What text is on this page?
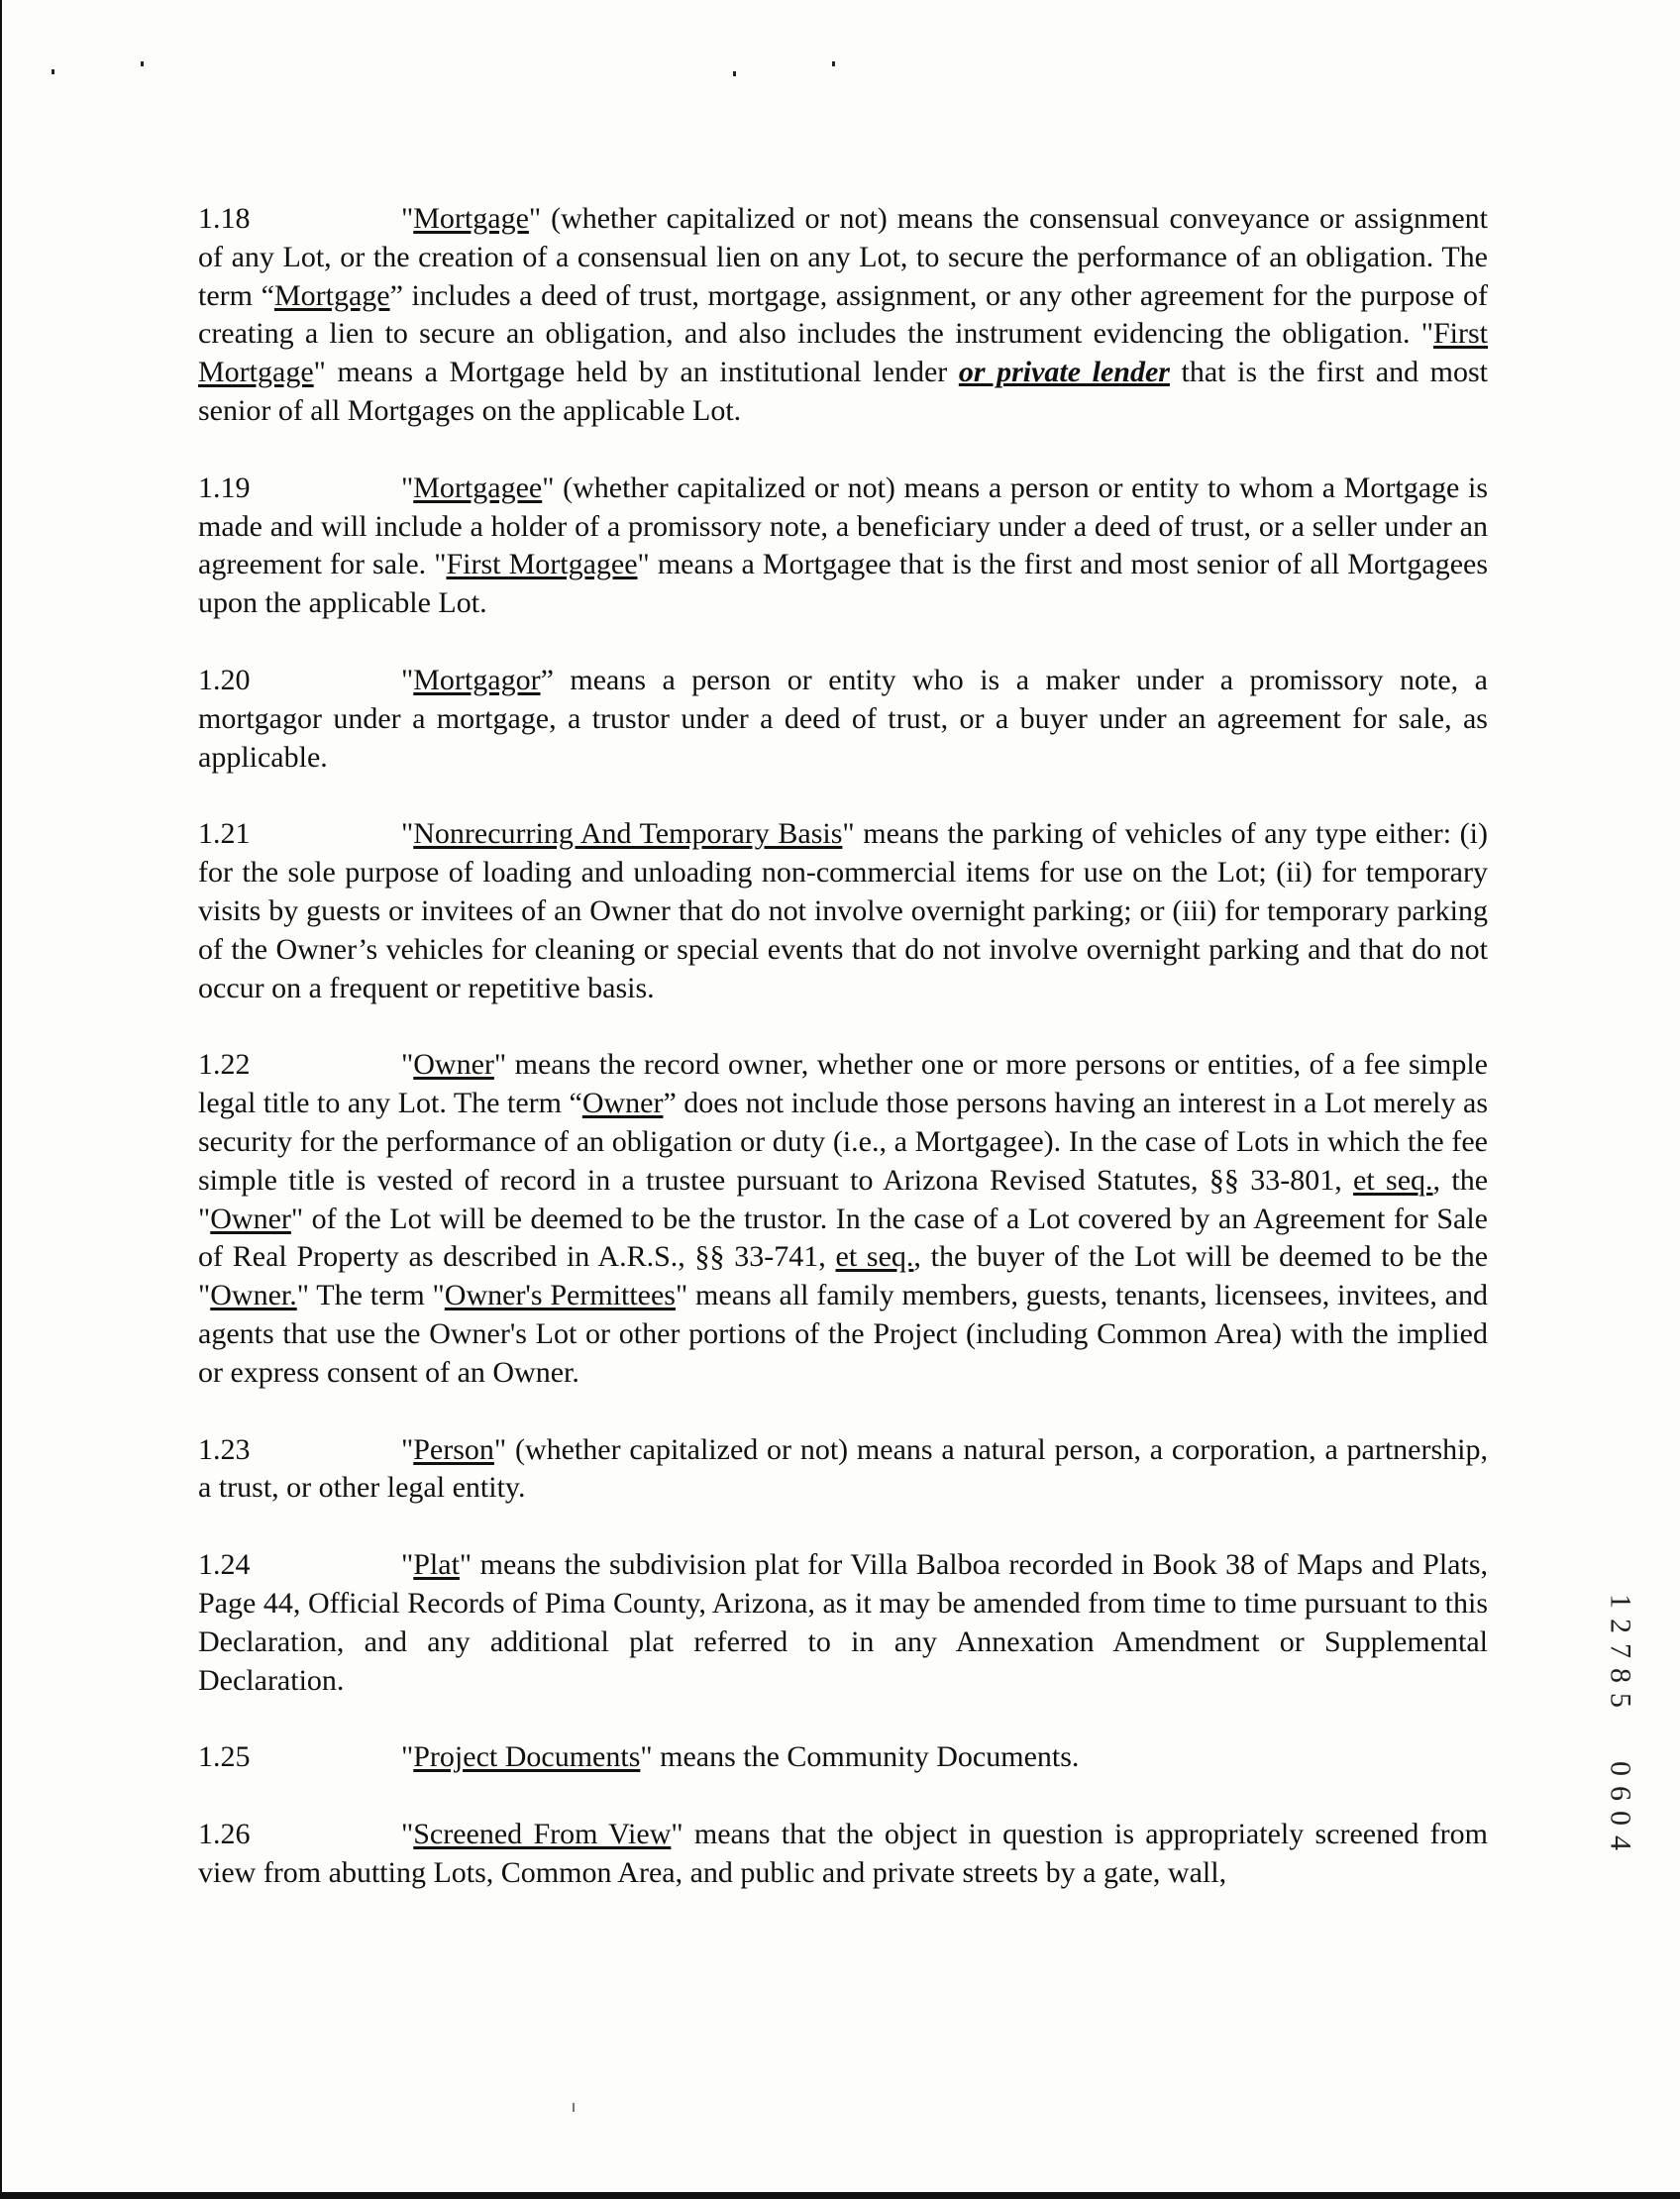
1.18	"Mortgage" (whether capitalized or not) means the consensual conveyance or assignment of any Lot, or the creation of a consensual lien on any Lot, to secure the performance of an obligation. The term “Mortgage” includes a deed of trust, mortgage, assignment, or any other agreement for the purpose of creating a lien to secure an obligation, and also includes the instrument evidencing the obligation. "First Mortgage" means a Mortgage held by an institutional lender or private lender that is the first and most senior of all Mortgages on the applicable Lot.
1.19	"Mortgagee" (whether capitalized or not) means a person or entity to whom a Mortgage is made and will include a holder of a promissory note, a beneficiary under a deed of trust, or a seller under an agreement for sale. "First Mortgagee" means a Mortgagee that is the first and most senior of all Mortgagees upon the applicable Lot.
1.20	"Mortgagor” means a person or entity who is a maker under a promissory note, a mortgagor under a mortgage, a trustor under a deed of trust, or a buyer under an agreement for sale, as applicable.
1.21	"Nonrecurring And Temporary Basis" means the parking of vehicles of any type either: (i) for the sole purpose of loading and unloading non-commercial items for use on the Lot; (ii) for temporary visits by guests or invitees of an Owner that do not involve overnight parking; or (iii) for temporary parking of the Owner’s vehicles for cleaning or special events that do not involve overnight parking and that do not occur on a frequent or repetitive basis.
1.22	"Owner" means the record owner, whether one or more persons or entities, of a fee simple legal title to any Lot. The term “Owner” does not include those persons having an interest in a Lot merely as security for the performance of an obligation or duty (i.e., a Mortgagee). In the case of Lots in which the fee simple title is vested of record in a trustee pursuant to Arizona Revised Statutes, §§ 33-801, et seq., the "Owner" of the Lot will be deemed to be the trustor. In the case of a Lot covered by an Agreement for Sale of Real Property as described in A.R.S., §§ 33-741, et seq., the buyer of the Lot will be deemed to be the "Owner." The term "Owner's Permittees" means all family members, guests, tenants, licensees, invitees, and agents that use the Owner's Lot or other portions of the Project (including Common Area) with the implied or express consent of an Owner.
1.23	"Person" (whether capitalized or not) means a natural person, a corporation, a partnership, a trust, or other legal entity.
1.24	"Plat" means the subdivision plat for Villa Balboa recorded in Book 38 of Maps and Plats, Page 44, Official Records of Pima County, Arizona, as it may be amended from time to time pursuant to this Declaration, and any additional plat referred to in any Annexation Amendment or Supplemental Declaration.
1.25	"Project Documents" means the Community Documents.
1.26	"Screened From View" means that the object in question is appropriately screened from view from abutting Lots, Common Area, and public and private streets by a gate, wall,
1
2
7
8
5
0
6
0
4
